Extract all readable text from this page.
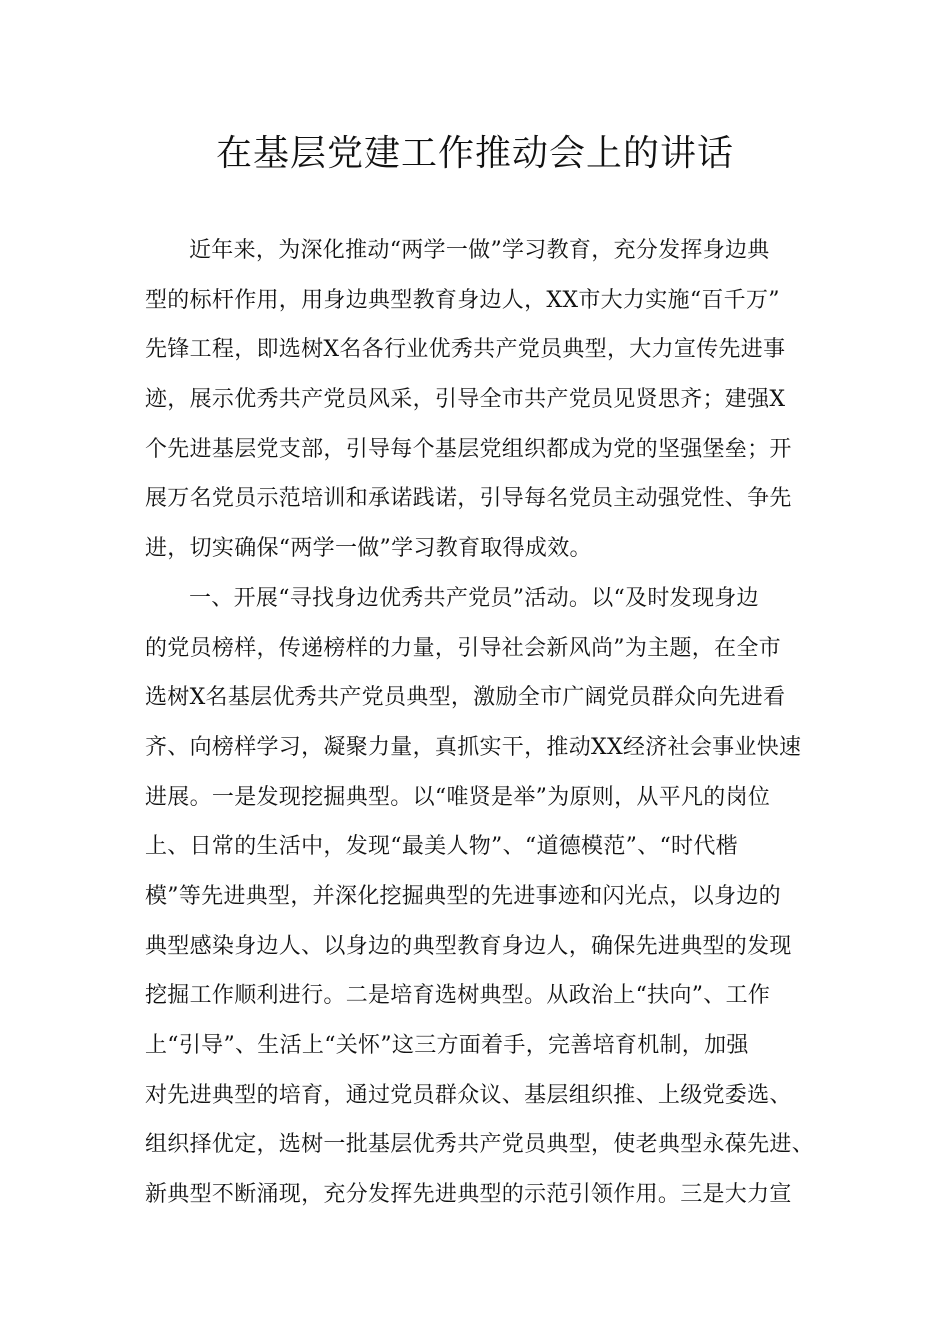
在基层党建工作推动会上的讲话
近年来，为深化推动“两学一做”学习教育，充分发挥身边典
型的标杆作用，用身边典型教育身边人，XX市大力实施“百千万”
先锋工程，即选树X名各行业优秀共产党员典型，大力宣传先进事
迹，展示优秀共产党员风采，引导全市共产党员见贤思齐；建强X
个先进基层党支部，引导每个基层党组织都成为党的坚强堡垒；开
展万名党员示范培训和承诺践诺，引导每名党员主动强党性、争先
进，切实确保“两学一做”学习教育取得成效。
一、开展“寻找身边优秀共产党员”活动。以“及时发现身边
的党员榜样，传递榜样的力量，引导社会新风尚”为主题，在全市
选树X名基层优秀共产党员典型，激励全市广阔党员群众向先进看
齐、向榜样学习，凝聚力量，真抓实干，推动XX经济社会事业快速
进展。一是发现挖掘典型。以“唯贤是举”为原则，从平凡的岗位
上、日常的生活中，发现“最美人物”、“道德模范”、“时代楷
模”等先进典型，并深化挖掘典型的先进事迹和闪光点，以身边的
典型感染身边人、以身边的典型教育身边人，确保先进典型的发现
挖掘工作顺利进行。二是培育选树典型。从政治上“扶向”、工作
上“引导”、生活上“关怀”这三方面着手，完善培育机制，加强
对先进典型的培育，通过党员群众议、基层组织推、上级党委选、
组织择优定，选树一批基层优秀共产党员典型，使老典型永葆先进、
新典型不断涌现，充分发挥先进典型的示范引领作用。三是大力宣
